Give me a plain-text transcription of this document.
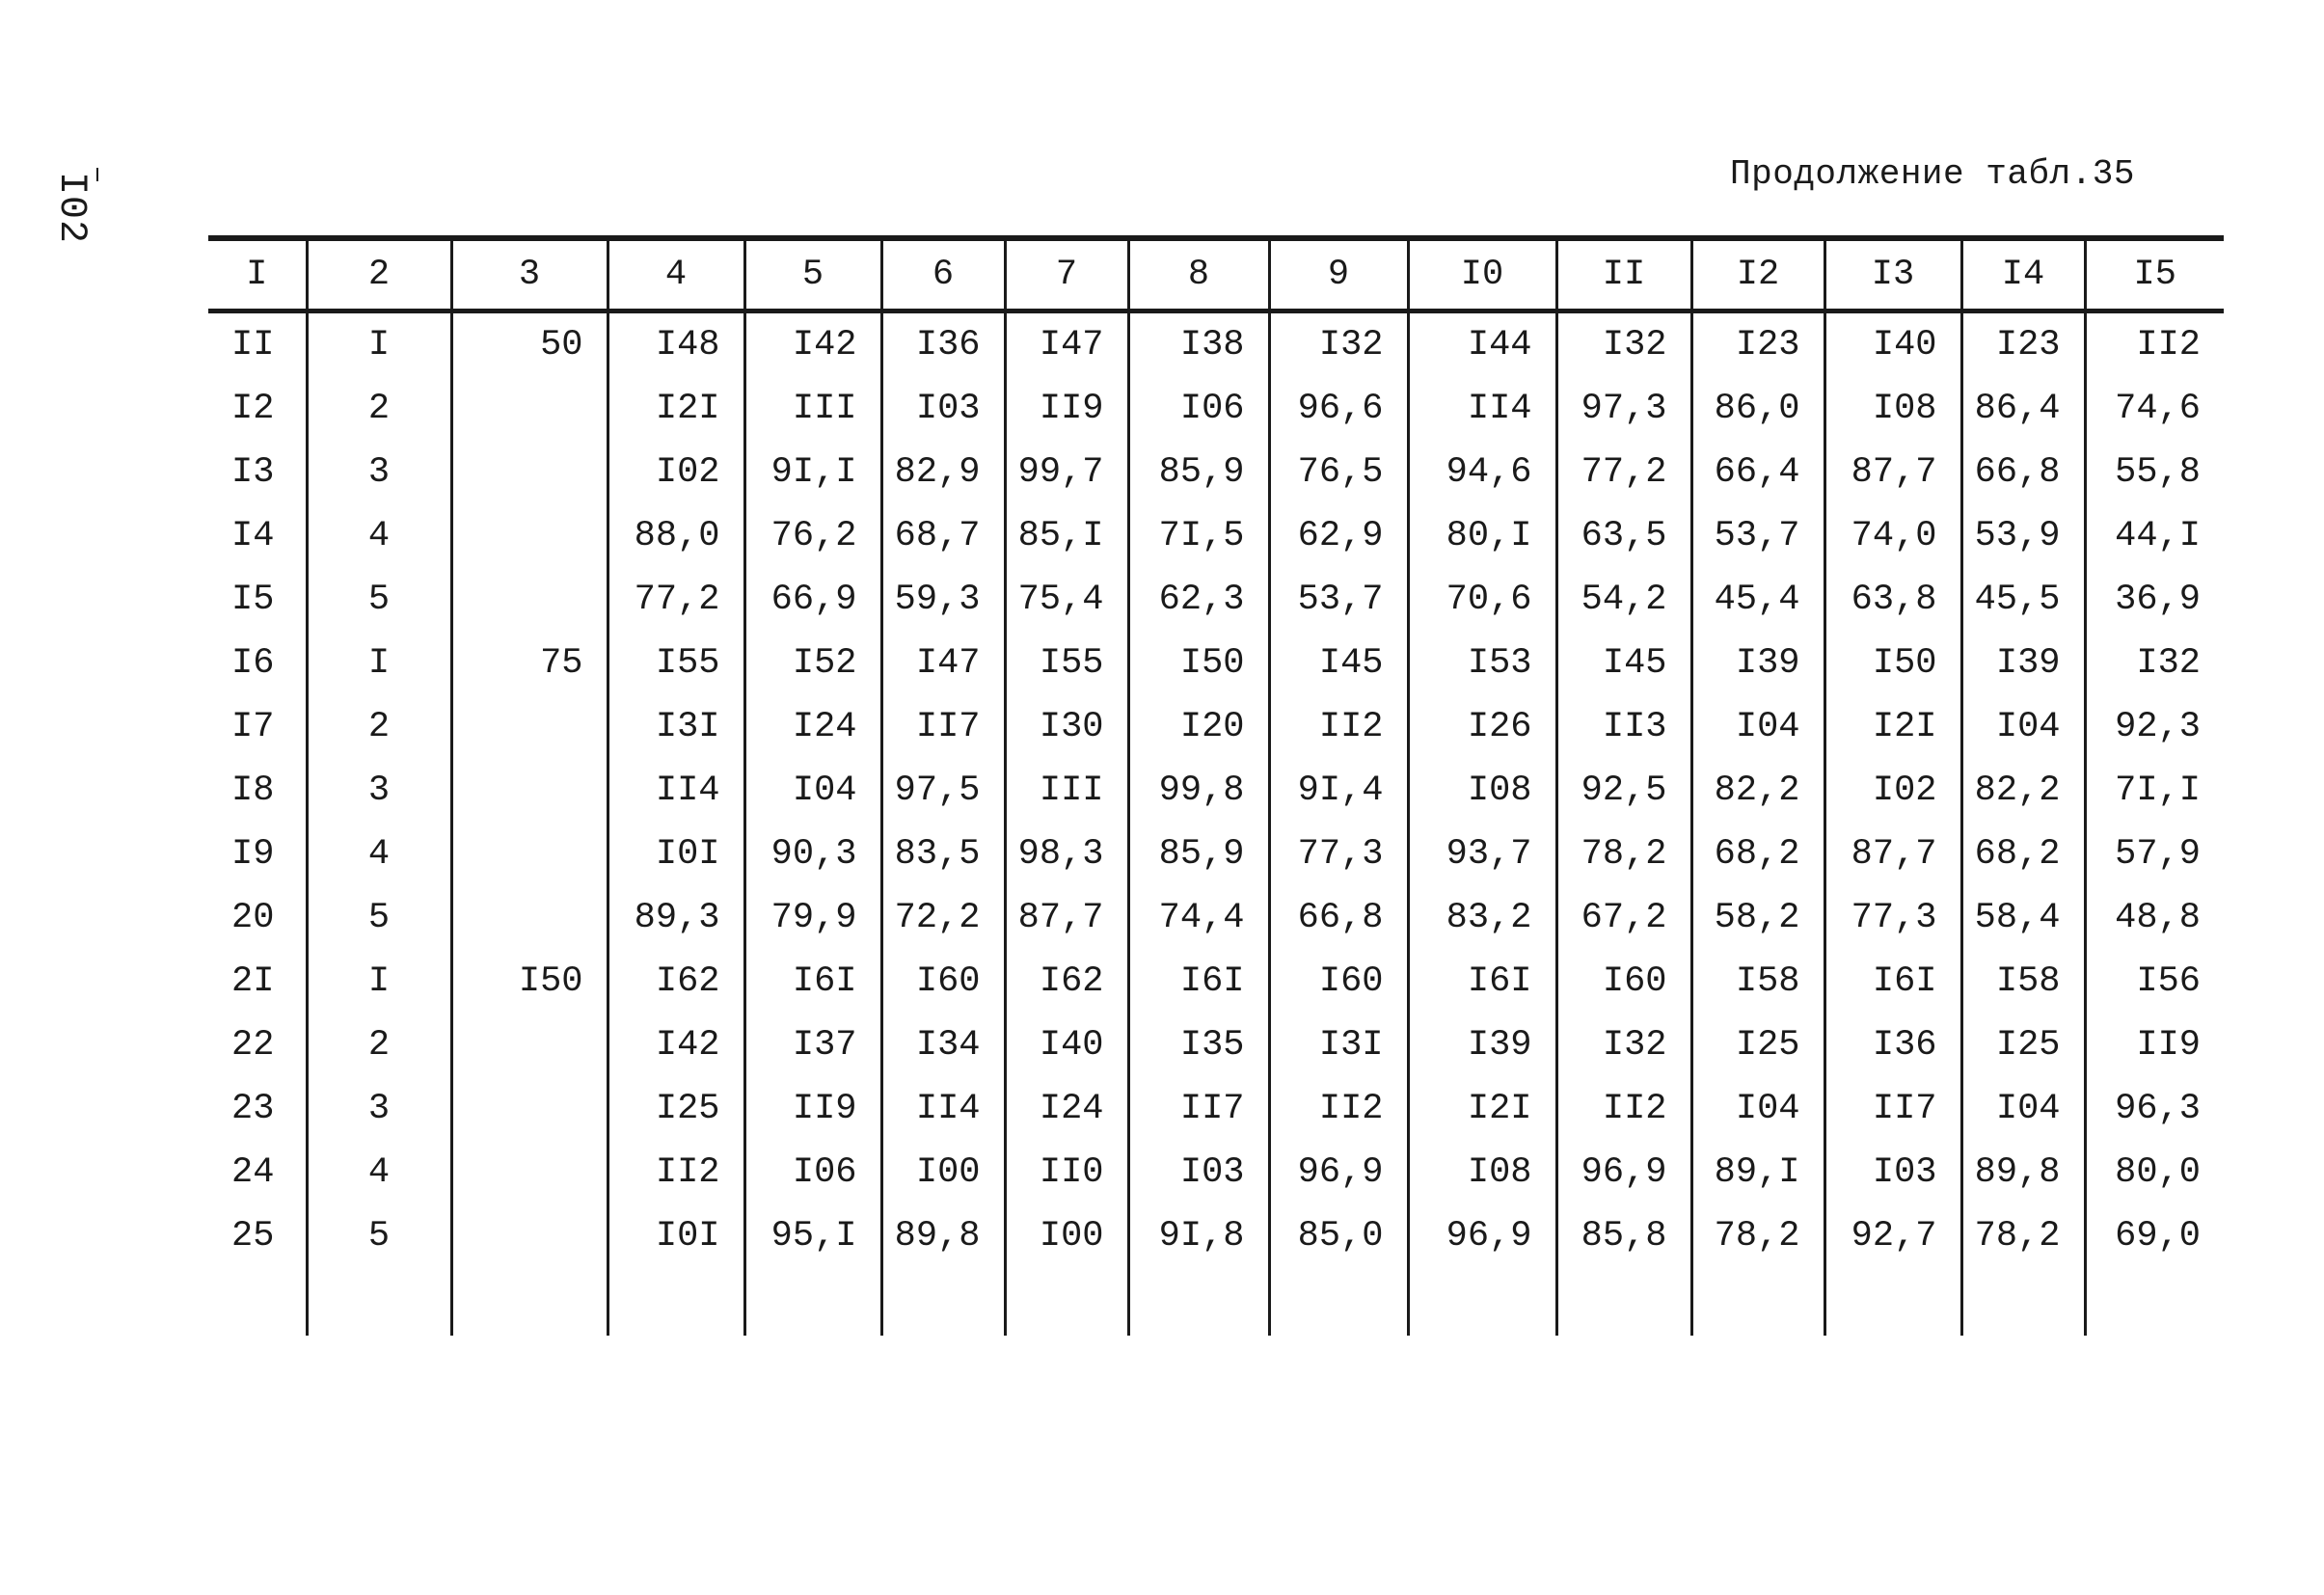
I02	Продолжение табл.35
I	2	3	4	5	6	7	8	9	I0	II	I2	I3	I4	I5
II	I	50	I48	I42	I36	I47	I38	I32	I44	I32	I23	I40	I23	II2
I2	2		I2I	III	I03	II9	I06	96,6	II4	97,3	86,0	I08	86,4	74,6
I3	3		I02	9I,I	82,9	99,7	85,9	76,5	94,6	77,2	66,4	87,7	66,8	55,8
I4	4		88,0	76,2	68,7	85,I	7I,5	62,9	80,I	63,5	53,7	74,0	53,9	44,I
I5	5		77,2	66,9	59,3	75,4	62,3	53,7	70,6	54,2	45,4	63,8	45,5	36,9
I6	I	75	I55	I52	I47	I55	I50	I45	I53	I45	I39	I50	I39	I32
I7	2		I3I	I24	II7	I30	I20	II2	I26	II3	I04	I2I	I04	92,3
I8	3		II4	I04	97,5	III	99,8	9I,4	I08	92,5	82,2	I02	82,2	7I,I
I9	4		I0I	90,3	83,5	98,3	85,9	77,3	93,7	78,2	68,2	87,7	68,2	57,9
20	5		89,3	79,9	72,2	87,7	74,4	66,8	83,2	67,2	58,2	77,3	58,4	48,8
2I	I	I50	I62	I6I	I60	I62	I6I	I60	I6I	I60	I58	I6I	I58	I56
22	2		I42	I37	I34	I40	I35	I3I	I39	I32	I25	I36	I25	II9
23	3		I25	II9	II4	I24	II7	II2	I2I	II2	I04	II7	I04	96,3
24	4		II2	I06	I00	II0	I03	96,9	I08	96,9	89,I	I03	89,8	80,0
25	5		I0I	95,I	89,8	I00	9I,8	85,0	96,9	85,8	78,2	92,7	78,2	69,0
